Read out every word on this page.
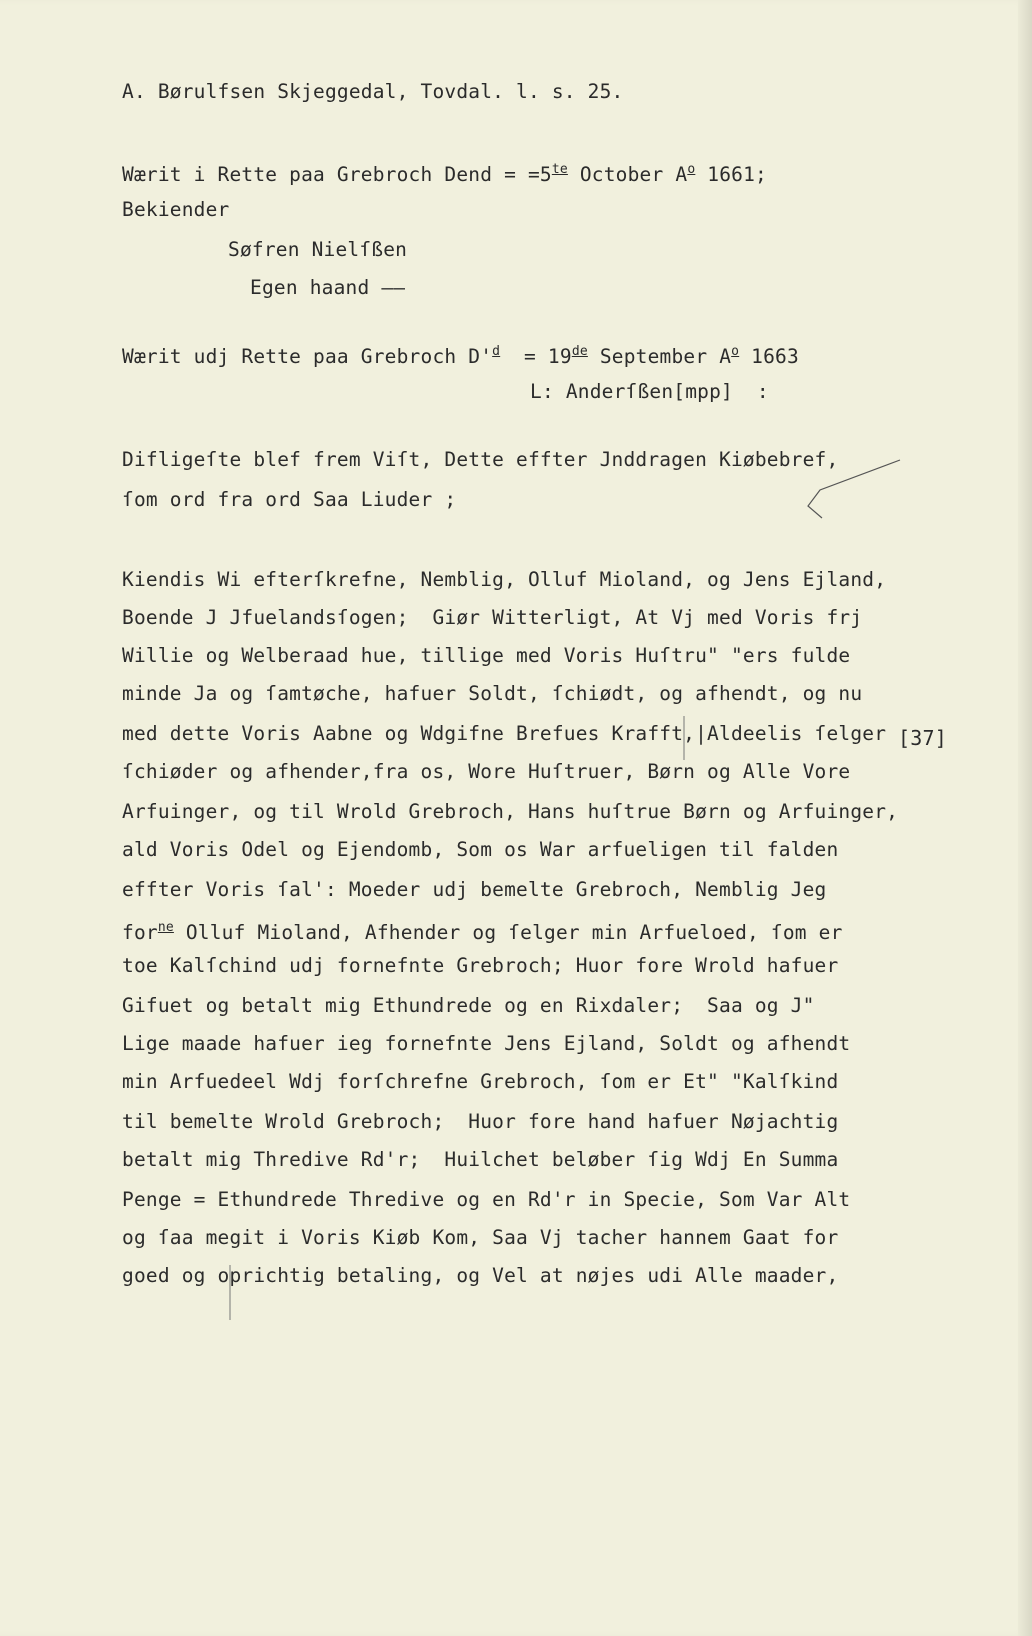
A. Børulfsen Skjeggedal, Tovdal. l. s. 25.
Wærit i Rette paa Grebroch Dend = $=5^{te}$ October $A^o$ 1661;
Bekiender
Søfren Nielſßen
Egen haand ——
Wærit udj Rette paa Grebroch $D'^d = 19de$ September $A^o$ 1663
L: Anderſßen[mpp]  :
Difligeſte blef frem Viſt, Dette effter Jnddragen Kiøbebref,
ſom ord fra ord Saa Liuder ;
Kiendis Wi efterſkrefne, Nemblig, Olluf Mioland, og Jens Ejland,
Boende J Jfuelandsſogen;  Giør Witterligt, At Vj med Voris frj
Willie og Welberaad hue, tillige med Voris Huſtru" "ers fulde
minde Ja og ſamtøche, hafuer Soldt, ſchiødt, og afhendt, og nu
med dette Voris Aabne og Wdgifne Brefues Krafft,|Aldeelis ſelger
ſchiøder og afhender,fra os, Wore Huſtruer, Børn og Alle Vore
Arfuinger, og til Wrold Grebroch, Hans huſtrue Børn og Arfuinger,
ald Voris Odel og Ejendomb, Som os War arfueligen til falden
effter Voris ſal': Moeder udj bemelte Grebroch, Nemblig Jeg
for$^{ne}$ Olluf Mioland, Afhender og ſelger min Arfueloed, ſom er
toe Kalſchind udj fornefnte Grebroch; Huor fore Wrold hafuer
Gifuet og betalt mig Ethundrede og en Rixdaler;  Saa og J"
Lige maade hafuer ieg fornefnte Jens Ejland, Soldt og afhendt
min Arfuedeel Wdj forſchrefne Grebroch, ſom er Et" "Kalſkind
til bemelte Wrold Grebroch;  Huor fore hand hafuer Nøjachtig
betalt mig Thredive Rd'r;  Huilchet beløber ſig Wdj En Summa
Penge = Ethundrede Thredive og en Rd'r in Specie, Som Var Alt
og ſaa megit i Voris Kiøb Kom, Saa Vj tacher hannem Gaat for
goed og oprichtig betaling, og Vel at nøjes udi Alle maader,
[37]
